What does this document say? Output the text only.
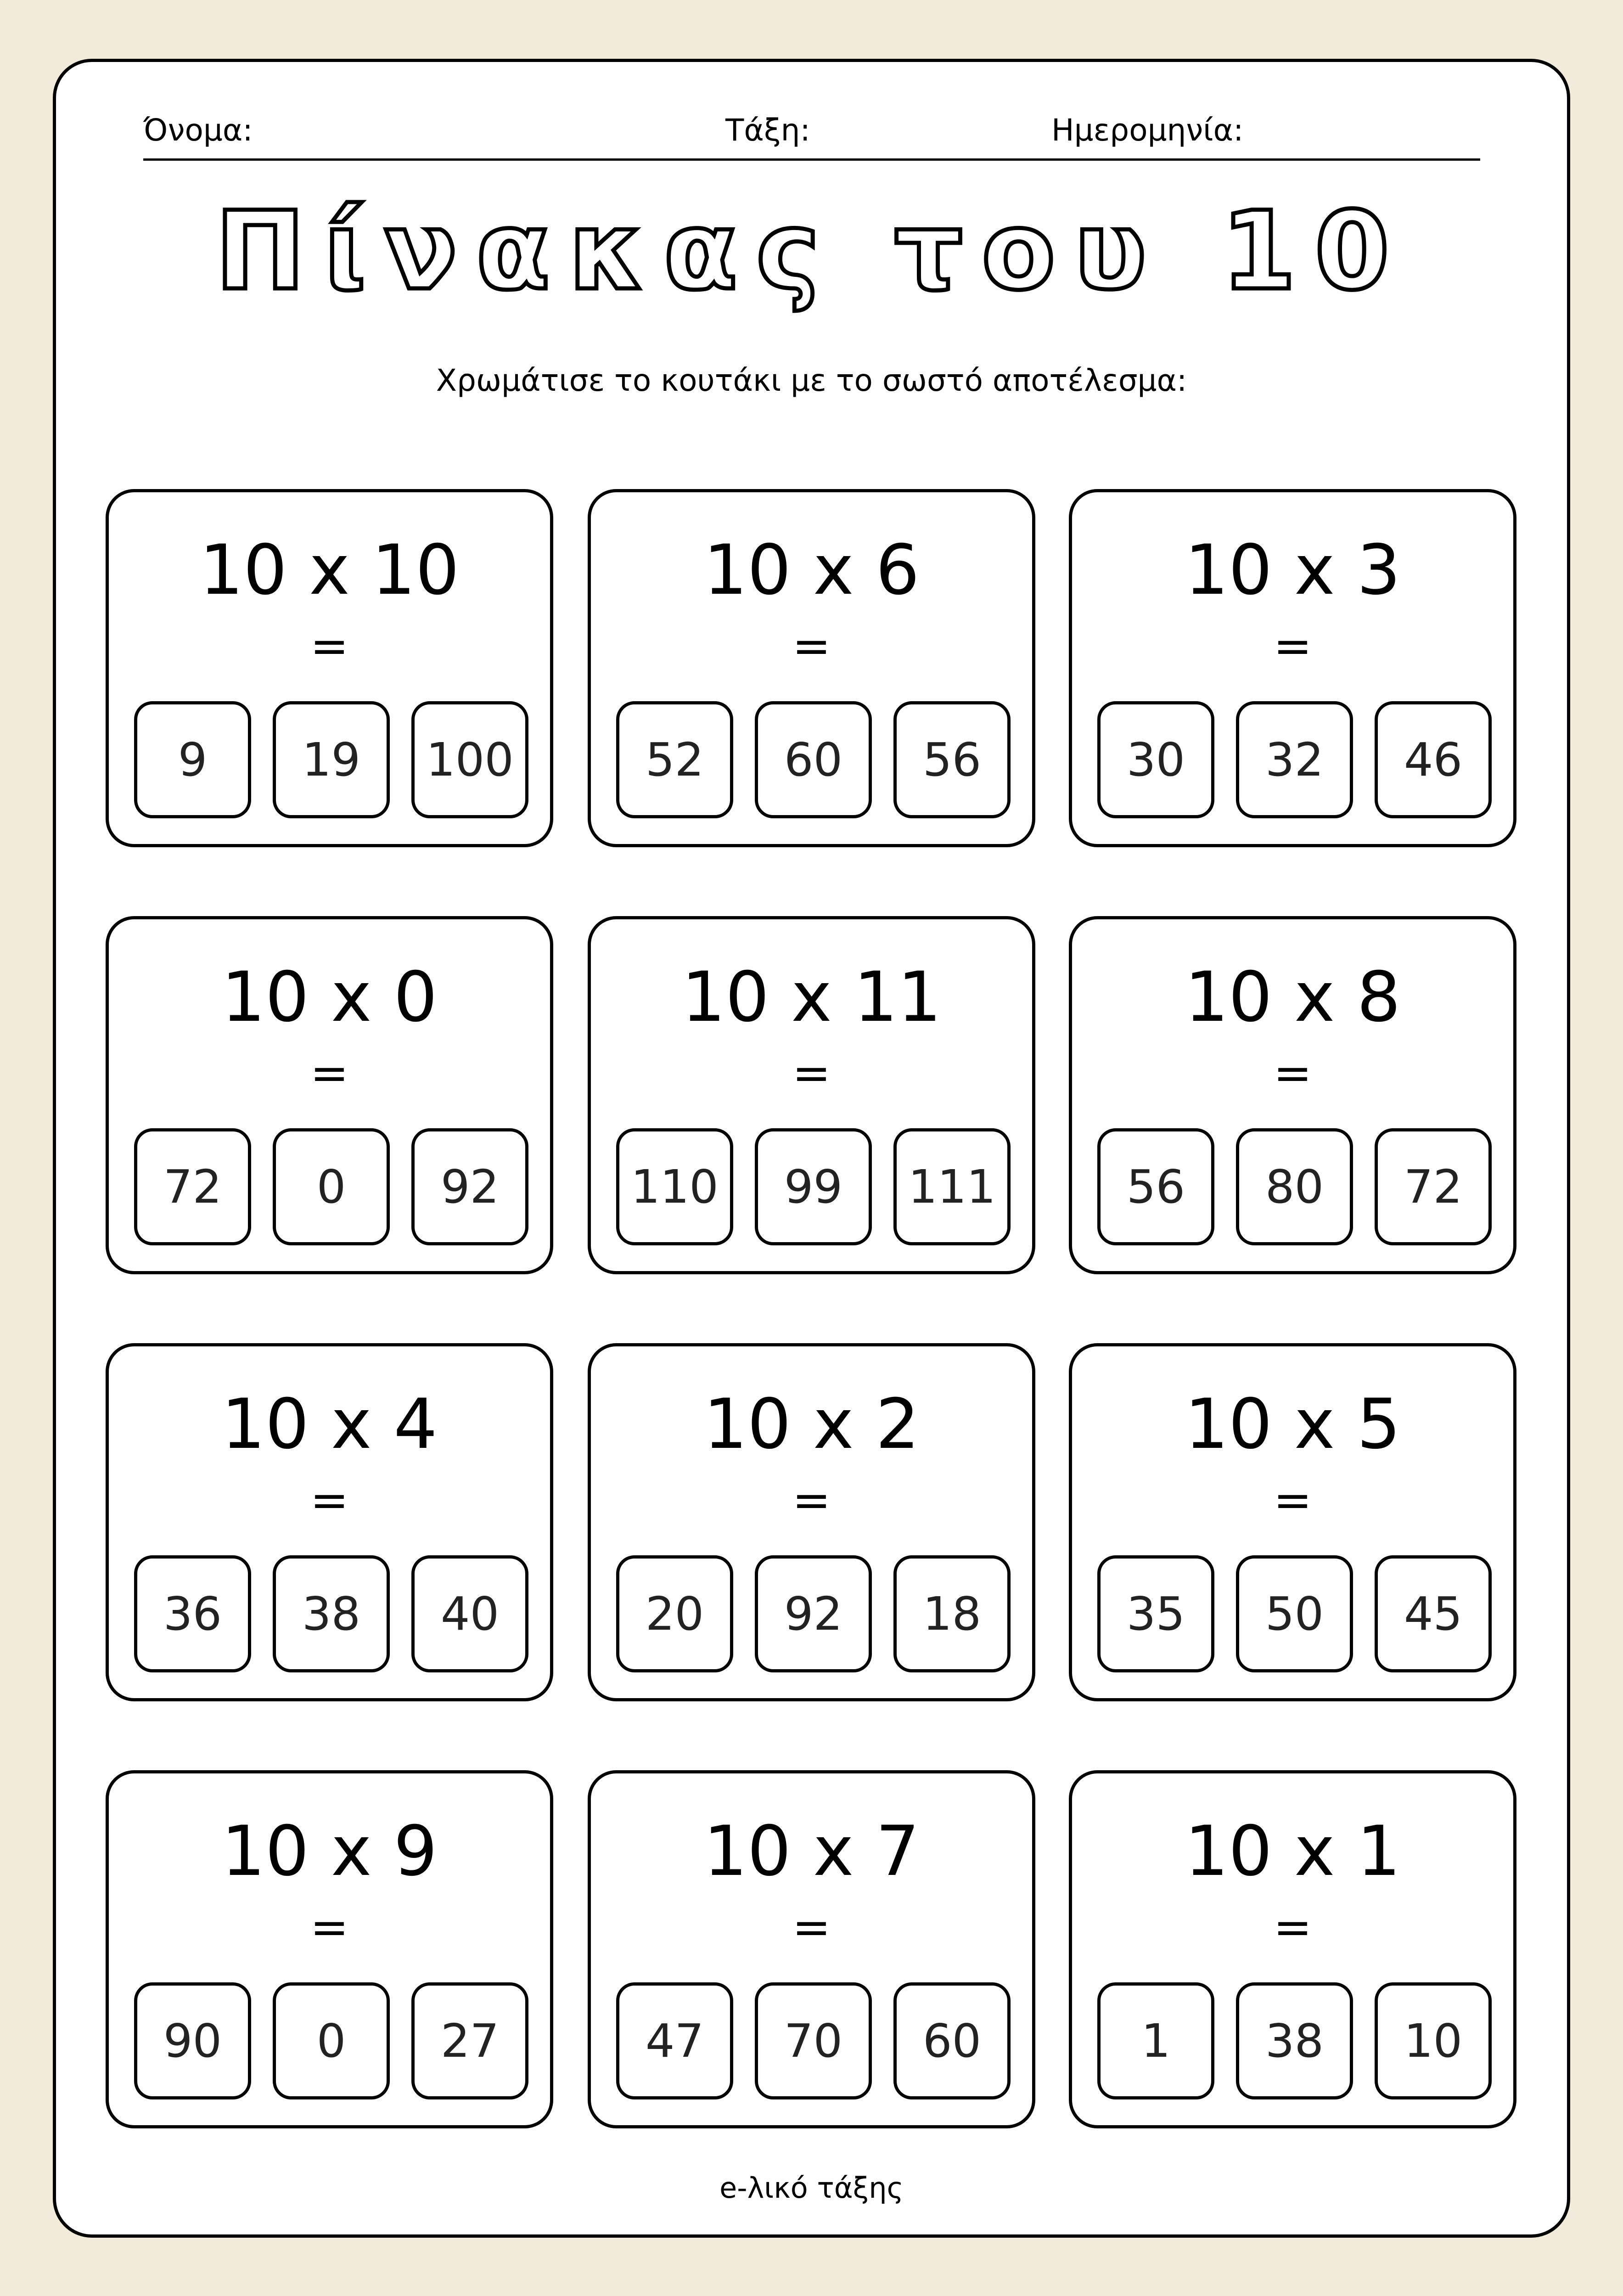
Όνομα:	Τάξη:	Ημερομηνία:
Πίνακας του 10
Χρωμάτισε το κουτάκι με το σωστό αποτέλεσμα:
10 x 10
=
9	19	100
10 x 6
=
52	60	56
10 x 3
=
30	32	46
10 x 0
=
72	0	92
10 x 11
=
110	99	111
10 x 8
=
56	80	72
10 x 4
=
36	38	40
10 x 2
=
20	92	18
10 x 5
=
35	50	45
10 x 9
=
90	0	27
10 x 7
=
47	70	60
10 x 1
=
1	38	10
e-λικό τάξης
